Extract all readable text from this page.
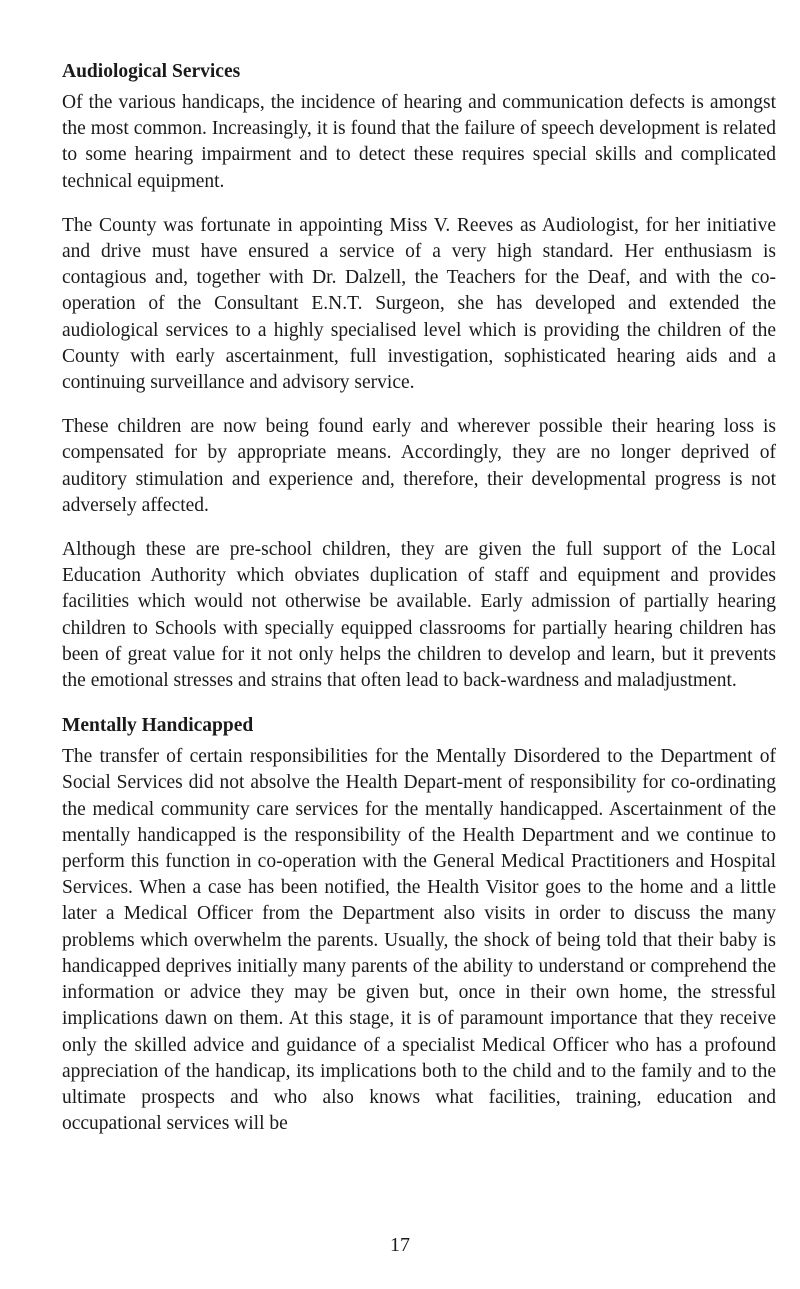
Audiological Services

Of the various handicaps, the incidence of hearing and communication defects is amongst the most common. Increasingly, it is found that the failure of speech development is related to some hearing impairment and to detect these requires special skills and complicated technical equipment.

The County was fortunate in appointing Miss V. Reeves as Audiologist, for her initiative and drive must have ensured a service of a very high standard. Her enthusiasm is contagious and, together with Dr. Dalzell, the Teachers for the Deaf, and with the co-operation of the Consultant E.N.T. Surgeon, she has developed and extended the audiological services to a highly specialised level which is providing the children of the County with early ascertainment, full investigation, sophisticated hearing aids and a continuing surveillance and advisory service.

These children are now being found early and wherever possible their hearing loss is compensated for by appropriate means. Accordingly, they are no longer deprived of auditory stimulation and experience and, therefore, their developmental progress is not adversely affected.

Although these are pre-school children, they are given the full support of the Local Education Authority which obviates duplication of staff and equipment and provides facilities which would not otherwise be available. Early admission of partially hearing children to Schools with specially equipped classrooms for partially hearing children has been of great value for it not only helps the children to develop and learn, but it prevents the emotional stresses and strains that often lead to back-wardness and maladjustment.

Mentally Handicapped

The transfer of certain responsibilities for the Mentally Disordered to the Department of Social Services did not absolve the Health Depart-ment of responsibility for co-ordinating the medical community care services for the mentally handicapped. Ascertainment of the mentally handicapped is the responsibility of the Health Department and we continue to perform this function in co-operation with the General Medical Practitioners and Hospital Services. When a case has been notified, the Health Visitor goes to the home and a little later a Medical Officer from the Department also visits in order to discuss the many problems which overwhelm the parents. Usually, the shock of being told that their baby is handicapped deprives initially many parents of the ability to understand or comprehend the information or advice they may be given but, once in their own home, the stressful implications dawn on them. At this stage, it is of paramount importance that they receive only the skilled advice and guidance of a specialist Medical Officer who has a profound appreciation of the handicap, its implications both to the child and to the family and to the ultimate prospects and who also knows what facilities, training, education and occupational services will be

17
